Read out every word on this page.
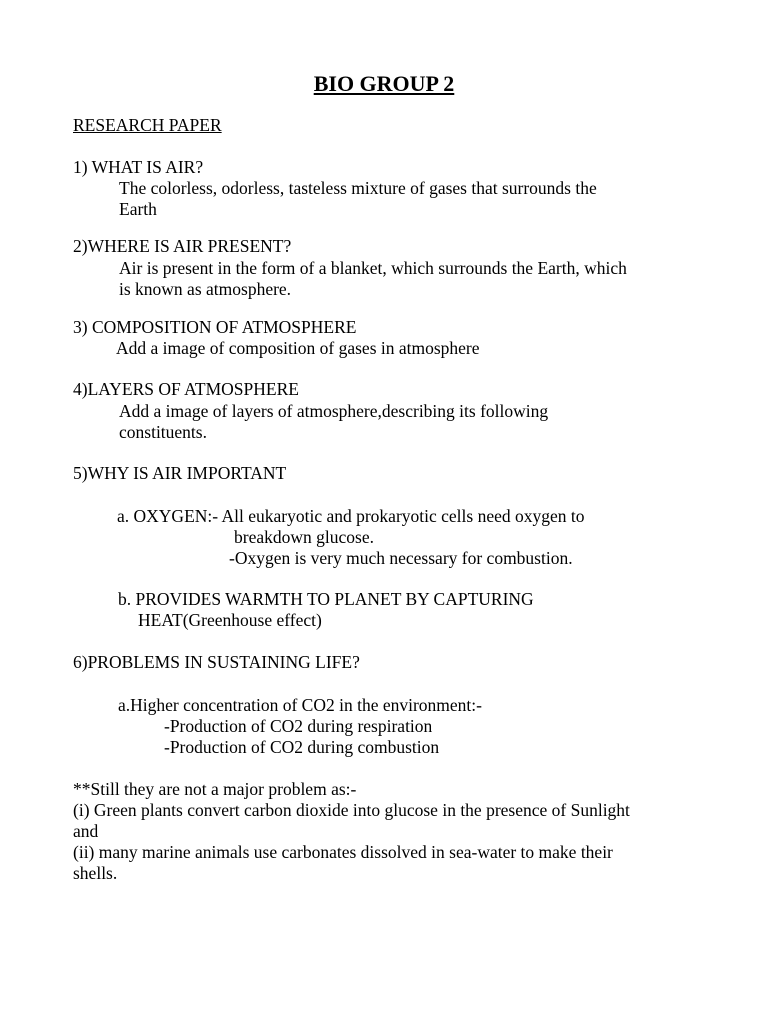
BIO GROUP 2
RESEARCH PAPER
1) WHAT IS AIR?
The colorless, odorless, tasteless mixture of gases that surrounds the
Earth
2)WHERE IS AIR PRESENT?
Air is present in the form of a blanket, which surrounds the Earth, which
is known as atmosphere.
3) COMPOSITION OF ATMOSPHERE
Add a image of composition of gases in atmosphere
4)LAYERS OF ATMOSPHERE
Add a image of layers of atmosphere,describing its following
constituents.
5)WHY IS AIR IMPORTANT
a. OXYGEN:- All eukaryotic and prokaryotic cells need oxygen to
breakdown glucose.
-Oxygen is very much necessary for combustion.
b. PROVIDES WARMTH TO PLANET BY CAPTURING
HEAT(Greenhouse effect)
6)PROBLEMS IN SUSTAINING LIFE?
a.Higher concentration of CO2 in the environment:-
-Production of CO2 during respiration
-Production of CO2 during combustion
**Still they are not a major problem as:-
(i) Green plants convert carbon dioxide into glucose in the presence of Sunlight
and
(ii) many marine animals use carbonates dissolved in sea-water to make their
shells.
